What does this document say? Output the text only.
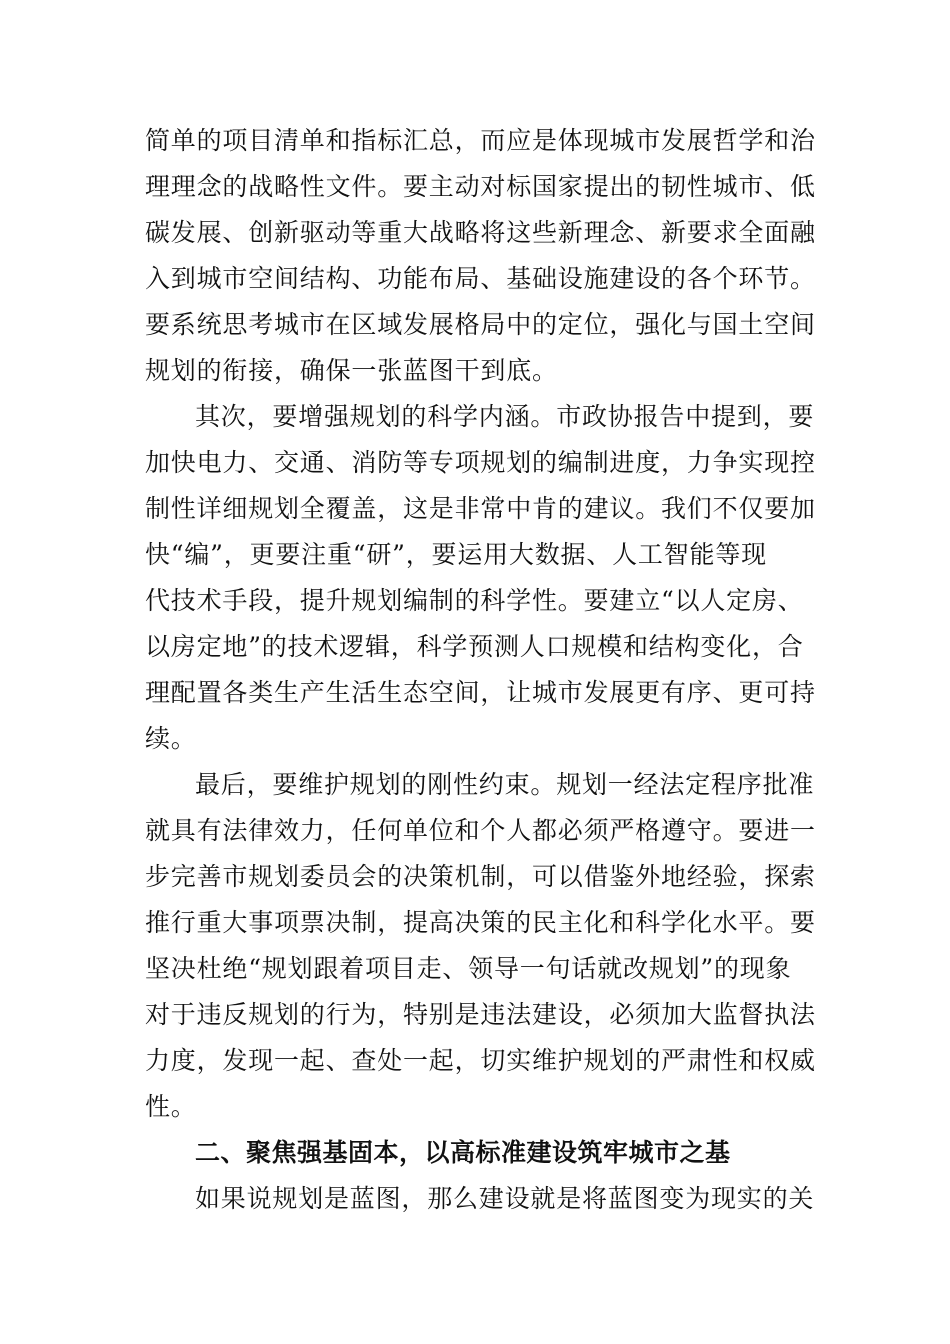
简单的项目清单和指标汇总，而应是体现城市发展哲学和治
理理念的战略性文件。要主动对标国家提出的韧性城市、低
碳发展、创新驱动等重大战略将这些新理念、新要求全面融
入到城市空间结构、功能布局、基础设施建设的各个环节。
要系统思考城市在区域发展格局中的定位，强化与国土空间
规划的衔接，确保一张蓝图干到底。
其次，要增强规划的科学内涵。市政协报告中提到，要
加快电力、交通、消防等专项规划的编制进度，力争实现控
制性详细规划全覆盖，这是非常中肯的建议。我们不仅要加
快“编”，更要注重“研”，要运用大数据、人工智能等现
代技术手段，提升规划编制的科学性。要建立“以人定房、
以房定地”的技术逻辑，科学预测人口规模和结构变化，合
理配置各类生产生活生态空间，让城市发展更有序、更可持
续。
最后，要维护规划的刚性约束。规划一经法定程序批准
就具有法律效力，任何单位和个人都必须严格遵守。要进一
步完善市规划委员会的决策机制，可以借鉴外地经验，探索
推行重大事项票决制，提高决策的民主化和科学化水平。要
坚决杜绝“规划跟着项目走、领导一句话就改规划”的现象
对于违反规划的行为，特别是违法建设，必须加大监督执法
力度，发现一起、查处一起，切实维护规划的严肃性和权威
性。
二、聚焦强基固本，以高标准建设筑牢城市之基
如果说规划是蓝图，那么建设就是将蓝图变为现实的关
